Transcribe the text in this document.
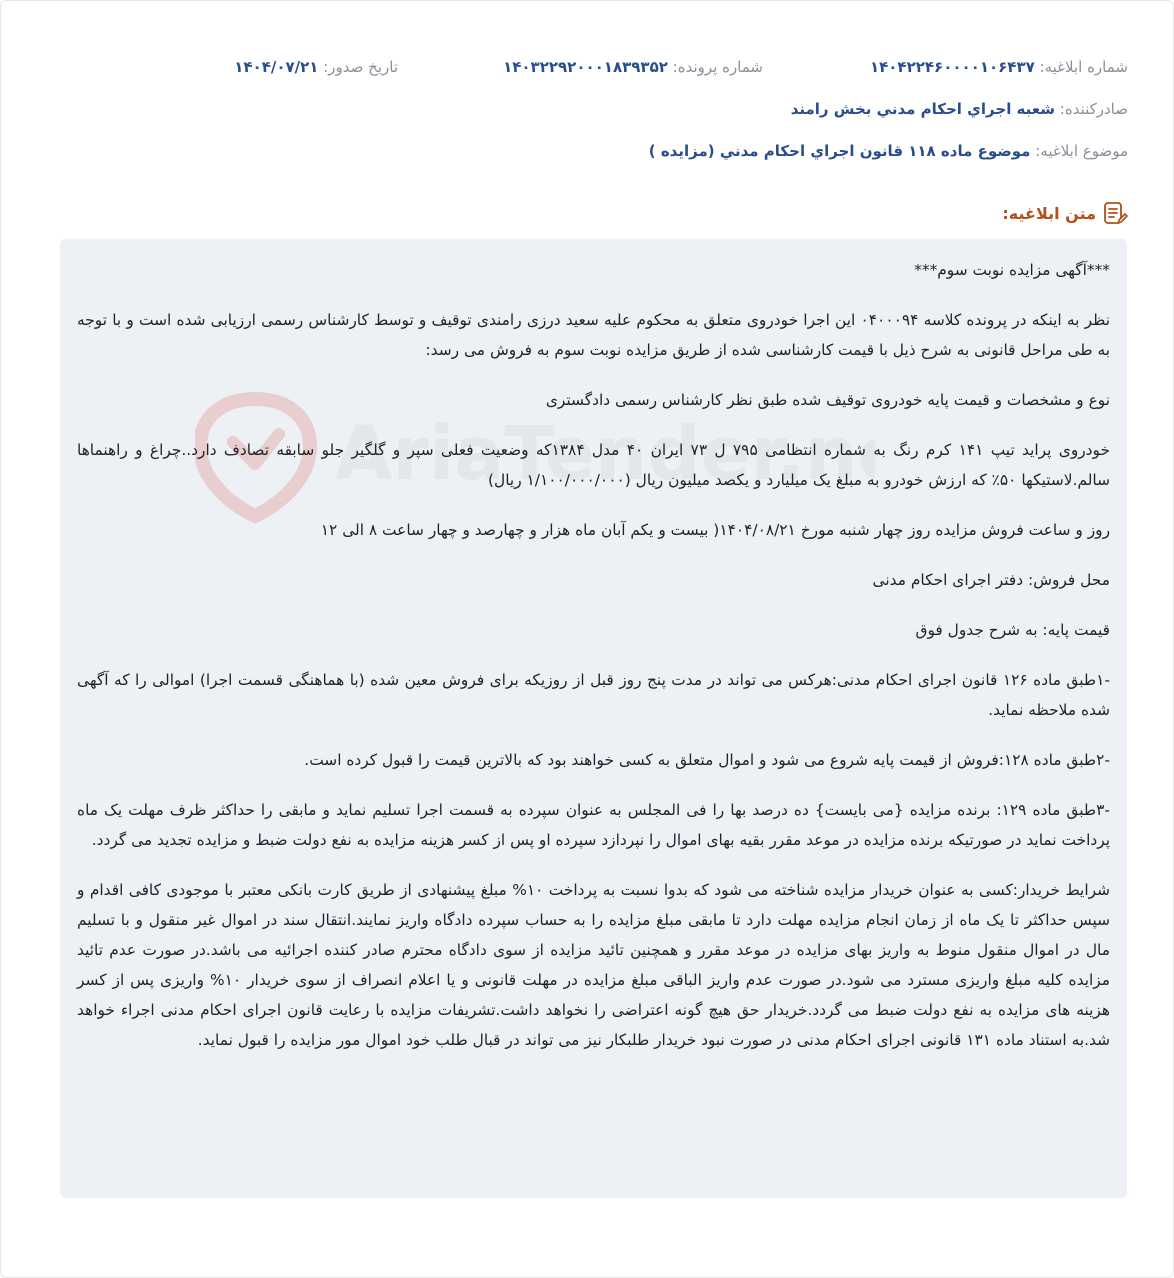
شماره ابلاغیه: ۱۴۰۴۲۲۴۶۰۰۰۰۱۰۶۴۳۷
شماره پرونده: ۱۴۰۳۲۲۹۲۰۰۰۱۸۳۹۳۵۲
تاریخ صدور: ۱۴۰۴/۰۷/۲۱
صادرکننده: شعبه اجراي احكام مدني بخش رامند
موضوع ابلاغیه: موضوع ماده ۱۱۸ قانون اجراي احكام مدني (مزايده )
متن ابلاغیه:
AriaTender.n

***آگهی مزایده نوبت سوم***

نظر به اینکه در پرونده کلاسه ۰۴۰۰۰۹۴ این اجرا خودروی متعلق به محکوم علیه سعید درزی رامندی توقیف و توسط کارشناس رسمی ارزیابی شده است و با توجه به طی مراحل قانونی به شرح ذیل با قیمت کارشناسی شده از طریق مزایده نوبت سوم به فروش می رسد:

نوع و مشخصات و قیمت پایه خودروی توقیف شده طبق نظر کارشناس رسمی دادگستری

خودروی پراید تیپ ۱۴۱ کرم رنگ به شماره انتظامی ۷۹۵ ل ۷۳ ایران ۴۰ مدل ۱۳۸۴که وضعیت فعلی سپر و گلگیر جلو سابقه تصادف دارد..چراغ و راهنماها سالم.لاستیکها ۵۰٪ که ارزش خودرو به مبلغ یک میلیارد و یکصد میلیون ریال (۱/۱۰۰/۰۰۰/۰۰۰ ریال)

روز و ساعت فروش مزایده روز چهار شنبه مورخ ۱۴۰۴/۰۸/۲۱( بیست و یکم آبان ماه هزار و چهارصد و چهار ساعت ۸ الی ۱۲

محل فروش: دفتر اجرای احکام مدنی

قیمت پایه: به شرح جدول فوق

-۱طبق ماده ۱۲۶ قانون اجرای احکام مدنی:هرکس می تواند در مدت پنج روز قبل از روزیکه برای فروش معین شده (با هماهنگی قسمت اجرا) اموالی را که آگهی شده ملاحظه نماید.

-۲طبق ماده ۱۲۸:فروش از قیمت پایه شروع می شود و اموال متعلق به کسی خواهند بود که بالاترین قیمت را قبول کرده است.

-۳طبق ماده ۱۲۹: برنده مزایده {می بایست} ده درصد بها را فی المجلس به عنوان سپرده به قسمت اجرا تسلیم نماید و مابقی را حداکثر ظرف مهلت یک ماه پرداخت نماید در صورتیکه برنده مزایده در موعد مقرر بقیه بهای اموال را نپردازد سپرده او پس از کسر هزینه مزایده به نفع دولت ضبط و مزایده تجدید می گردد.

شرایط خریدار:کسی به عنوان خریدار مزایده شناخته می شود که بدوا نسبت به پرداخت ۱۰% مبلغ پیشنهادی از طریق کارت بانکی معتبر با موجودی کافی اقدام و سپس حداکثر تا یک ماه از زمان انجام مزایده مهلت دارد تا مابقی مبلغ مزایده را به حساب سپرده دادگاه واریز نمایند.انتقال سند در اموال غیر منقول و با تسلیم مال در اموال منقول منوط به واریز بهای مزایده در موعد مقرر و همچنین تائید مزایده از سوی دادگاه محترم صادر کننده اجرائیه می باشد.در صورت عدم تائید مزایده کلیه مبلغ واریزی مسترد می شود.در صورت عدم واریز الباقی مبلغ مزایده در مهلت قانونی و یا اعلام انصراف از سوی خریدار ۱۰% واریزی پس از کسر هزینه های مزایده به نفع دولت ضبط می گردد.خریدار حق هیچ گونه اعتراضی را نخواهد داشت.تشریفات مزایده با رعایت قانون اجرای احکام مدنی اجراء خواهد شد.به استناد ماده ۱۳۱ قانونی اجرای احکام مدنی در صورت نبود خریدار طلبکار نیز می تواند در قبال طلب خود اموال مور مزایده را قبول نماید.
